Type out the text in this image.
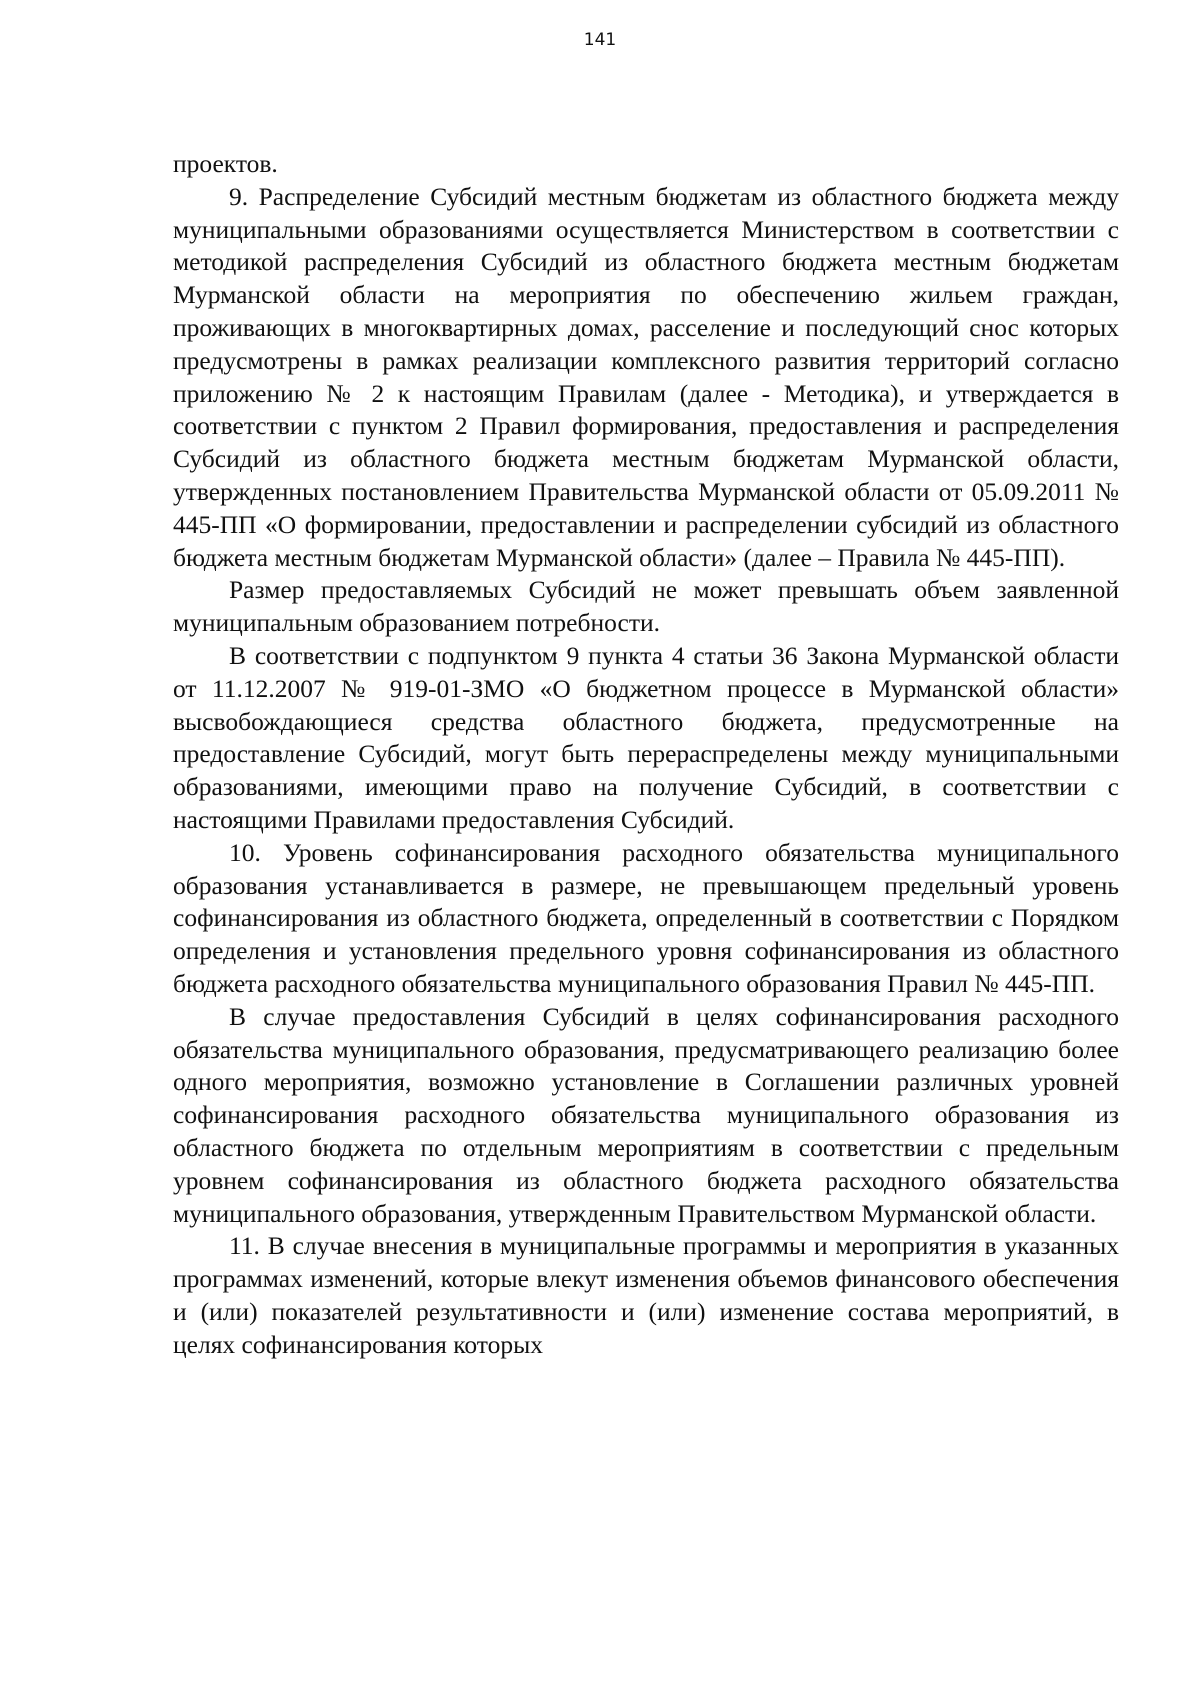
141

проектов.

9. Распределение Субсидий местным бюджетам из областного бюджета между муниципальными образованиями осуществляется Министерством в соответствии с методикой распределения Субсидий из областного бюджета местным бюджетам Мурманской области на мероприятия по обеспечению жильем граждан, проживающих в многоквартирных домах, расселение и последующий снос которых предусмотрены в рамках реализации комплексного развития территорий согласно приложению № 2 к настоящим Правилам (далее - Методика), и утверждается в соответствии с пунктом 2 Правил формирования, предоставления и распределения Субсидий из областного бюджета местным бюджетам Мурманской области, утвержденных постановлением Правительства Мурманской области от 05.09.2011 № 445-ПП «О формировании, предоставлении и распределении субсидий из областного бюджета местным бюджетам Мурманской области» (далее – Правила № 445-ПП).

Размер предоставляемых Субсидий не может превышать объем заявленной муниципальным образованием потребности.

В соответствии с подпунктом 9 пункта 4 статьи 36 Закона Мурманской области от 11.12.2007 № 919-01-ЗМО «О бюджетном процессе в Мурманской области» высвобождающиеся средства областного бюджета, предусмотренные на предоставление Субсидий, могут быть перераспределены между муниципальными образованиями, имеющими право на получение Субсидий, в соответствии с настоящими Правилами предоставления Субсидий.

10. Уровень софинансирования расходного обязательства муниципального образования устанавливается в размере, не превышающем предельный уровень софинансирования из областного бюджета, определенный в соответствии с Порядком определения и установления предельного уровня софинансирования из областного бюджета расходного обязательства муниципального образования Правил № 445-ПП.

В случае предоставления Субсидий в целях софинансирования расходного обязательства муниципального образования, предусматривающего реализацию более одного мероприятия, возможно установление в Соглашении различных уровней софинансирования расходного обязательства муниципального образования из областного бюджета по отдельным мероприятиям в соответствии с предельным уровнем софинансирования из областного бюджета расходного обязательства муниципального образования, утвержденным Правительством Мурманской области.

11. В случае внесения в муниципальные программы и мероприятия в указанных программах изменений, которые влекут изменения объемов финансового обеспечения и (или) показателей результативности и (или) изменение состава мероприятий, в целях софинансирования которых
